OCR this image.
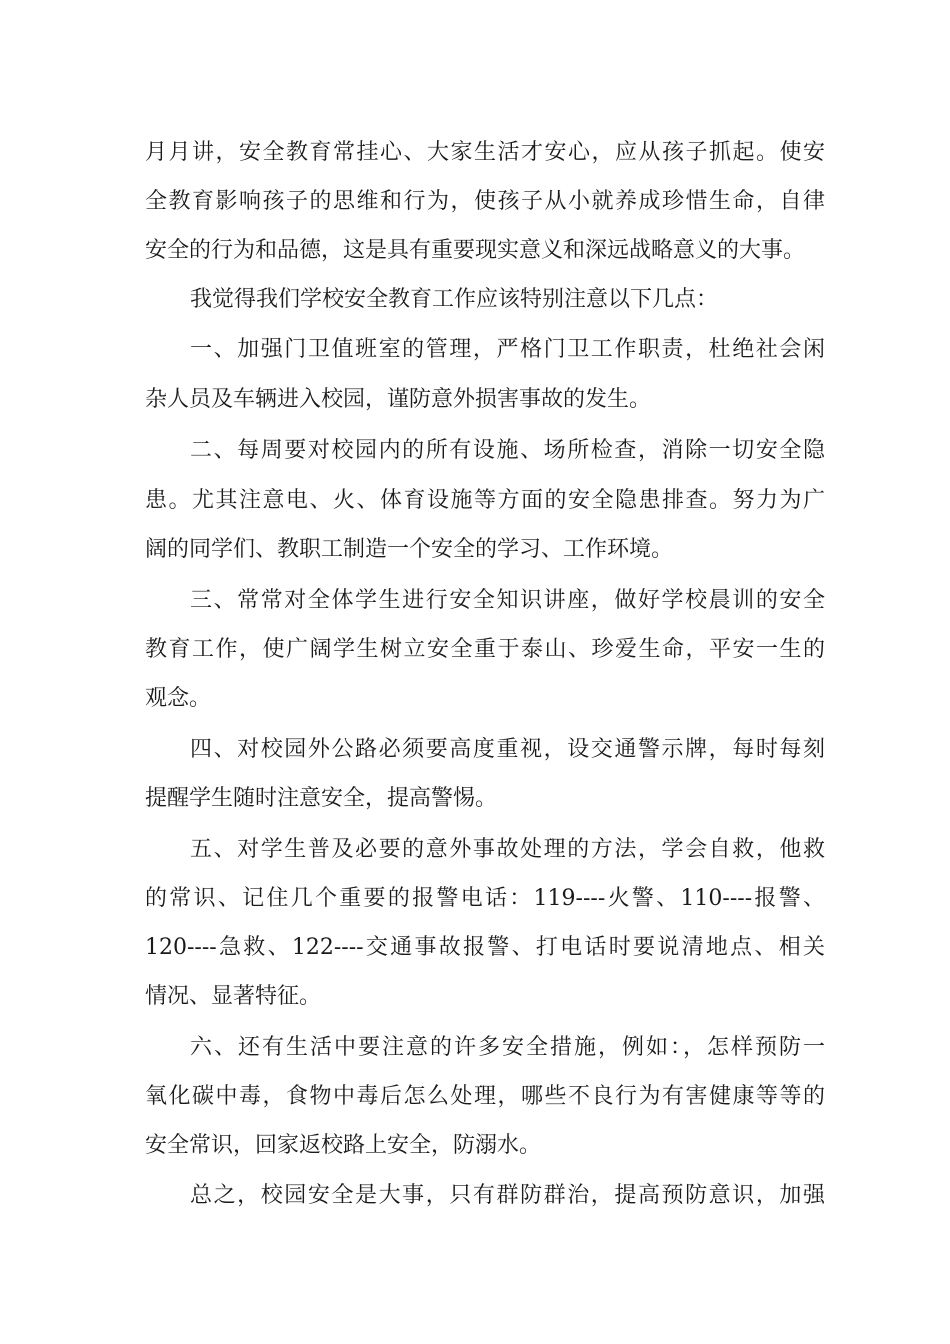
月月讲，安全教育常挂心、大家生活才安心，应从孩子抓起。使安
全教育影响孩子的思维和行为，使孩子从小就养成珍惜生命，自律
安全的行为和品德，这是具有重要现实意义和深远战略意义的大事。
我觉得我们学校安全教育工作应该特别注意以下几点：
一、加强门卫值班室的管理，严格门卫工作职责，杜绝社会闲
杂人员及车辆进入校园，谨防意外损害事故的发生。
二、每周要对校园内的所有设施、场所检查，消除一切安全隐
患。尤其注意电、火、体育设施等方面的安全隐患排查。努力为广
阔的同学们、教职工制造一个安全的学习、工作环境。
三、常常对全体学生进行安全知识讲座，做好学校晨训的安全
教育工作，使广阔学生树立安全重于泰山、珍爱生命，平安一生的
观念。
四、对校园外公路必须要高度重视，设交通警示牌，每时每刻
提醒学生随时注意安全，提高警惕。
五、对学生普及必要的意外事故处理的方法，学会自救，他救
的常识、记住几个重要的报警电话：119----火警、110----报警、
120----急救、122----交通事故报警、打电话时要说清地点、相关
情况、显著特征。
六、还有生活中要注意的许多安全措施，例如：，怎样预防一
氧化碳中毒，食物中毒后怎么处理，哪些不良行为有害健康等等的
安全常识，回家返校路上安全，防溺水。
总之，校园安全是大事，只有群防群治，提高预防意识，加强
